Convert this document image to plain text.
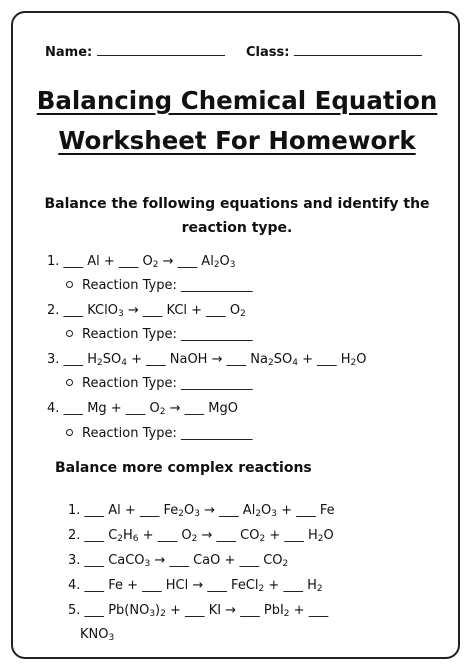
Name:	Class:
Balancing Chemical Equation
Worksheet For Homework
Balance the following equations and identify the
reaction type.
1. ___ Al + ___ $O_2$ → ___ $Al_2O_3$
Reaction Type: ___________
2. ___ KClO$_3$ → ___ KCl + ___ $O_2$
Reaction Type: ___________
3. ___ $H_2SO_4$ + ___ NaOH → ___ $Na_2SO_4$ + ___ $H_2O$
Reaction Type: ___________
4. ___ Mg + ___ $O_2$ → ___ MgO
Reaction Type: ___________
Balance more complex reactions
1. ___ Al + ___ $Fe_2O_3$ → ___ $Al_2O_3$ + ___ Fe
2. ___ $C_2H_6$ + ___ $O_2$ → ___ $CO_2$ + ___ $H_2O$
3. ___ CaCO$_3$ → ___ CaO + ___ $CO_2$
4. ___ Fe + ___ HCl → ___ FeCl$_2$ + ___ $H_2$
5. ___ $Pb(NO_3)_2$ + ___ KI → ___ PbI$_2$ + ___
$KNO_3$
